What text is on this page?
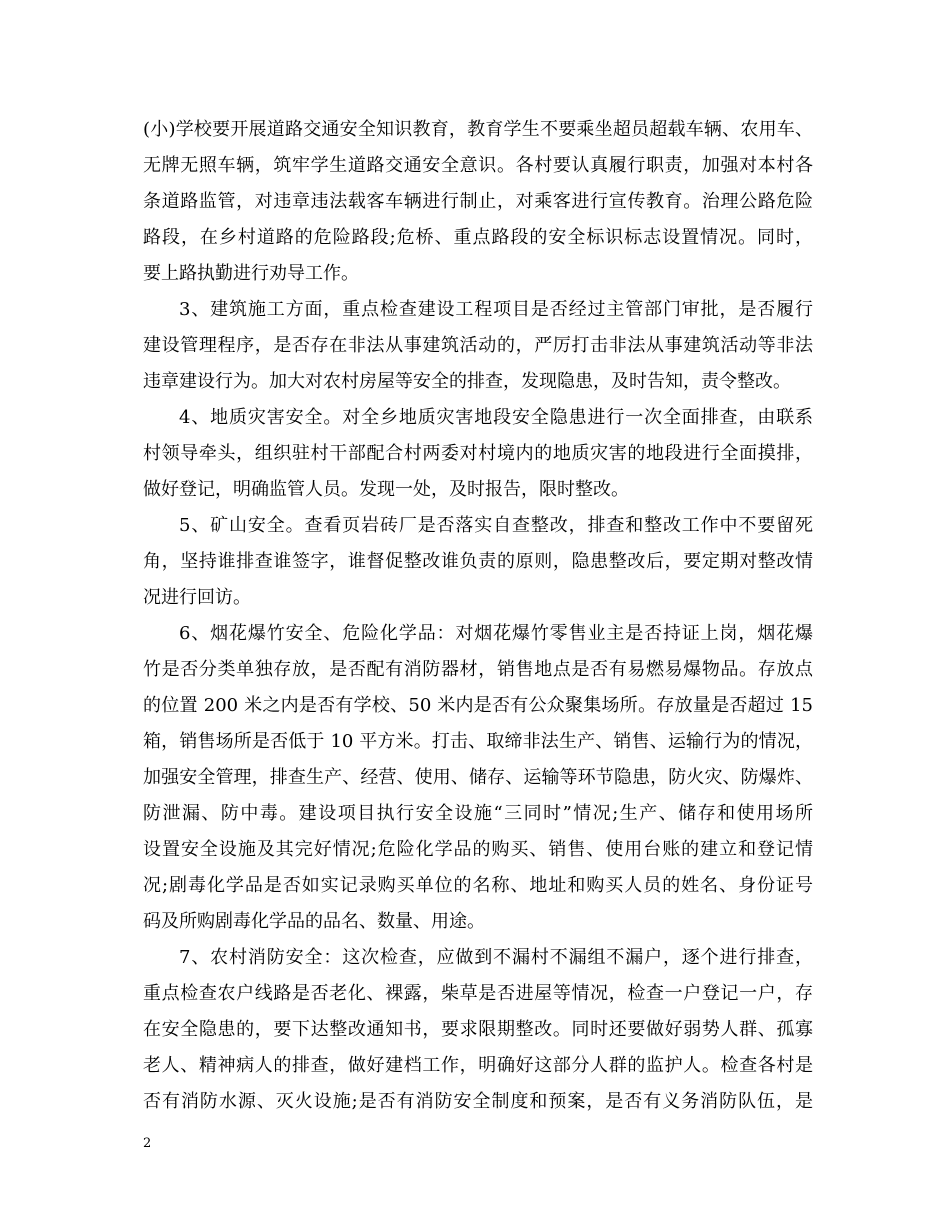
(小)学校要开展道路交通安全知识教育，教育学生不要乘坐超员超载车辆、农用车、
无牌无照车辆，筑牢学生道路交通安全意识。各村要认真履行职责，加强对本村各
条道路监管，对违章违法载客车辆进行制止，对乘客进行宣传教育。治理公路危险
路段，在乡村道路的危险路段;危桥、重点路段的安全标识标志设置情况。同时，
要上路执勤进行劝导工作。
3、建筑施工方面，重点检查建设工程项目是否经过主管部门审批，是否履行
建设管理程序，是否存在非法从事建筑活动的，严厉打击非法从事建筑活动等非法
违章建设行为。加大对农村房屋等安全的排查，发现隐患，及时告知，责令整改。
4、地质灾害安全。对全乡地质灾害地段安全隐患进行一次全面排查，由联系
村领导牵头，组织驻村干部配合村两委对村境内的地质灾害的地段进行全面摸排，
做好登记，明确监管人员。发现一处，及时报告，限时整改。
5、矿山安全。查看页岩砖厂是否落实自查整改，排查和整改工作中不要留死
角，坚持谁排查谁签字，谁督促整改谁负责的原则，隐患整改后，要定期对整改情
况进行回访。
6、烟花爆竹安全、危险化学品：对烟花爆竹零售业主是否持证上岗，烟花爆
竹是否分类单独存放，是否配有消防器材，销售地点是否有易燃易爆物品。存放点
的位置 200 米之内是否有学校、50 米内是否有公众聚集场所。存放量是否超过 15
箱，销售场所是否低于 10 平方米。打击、取缔非法生产、销售、运输行为的情况，
加强安全管理，排查生产、经营、使用、储存、运输等环节隐患，防火灾、防爆炸、
防泄漏、防中毒。建设项目执行安全设施“三同时”情况;生产、储存和使用场所
设置安全设施及其完好情况;危险化学品的购买、销售、使用台账的建立和登记情
况;剧毒化学品是否如实记录购买单位的名称、地址和购买人员的姓名、身份证号
码及所购剧毒化学品的品名、数量、用途。
7、农村消防安全：这次检查，应做到不漏村不漏组不漏户，逐个进行排查，
重点检查农户线路是否老化、裸露，柴草是否进屋等情况，检查一户登记一户，存
在安全隐患的，要下达整改通知书，要求限期整改。同时还要做好弱势人群、孤寡
老人、精神病人的排查，做好建档工作，明确好这部分人群的监护人。检查各村是
否有消防水源、灭火设施;是否有消防安全制度和预案，是否有义务消防队伍，是
2
